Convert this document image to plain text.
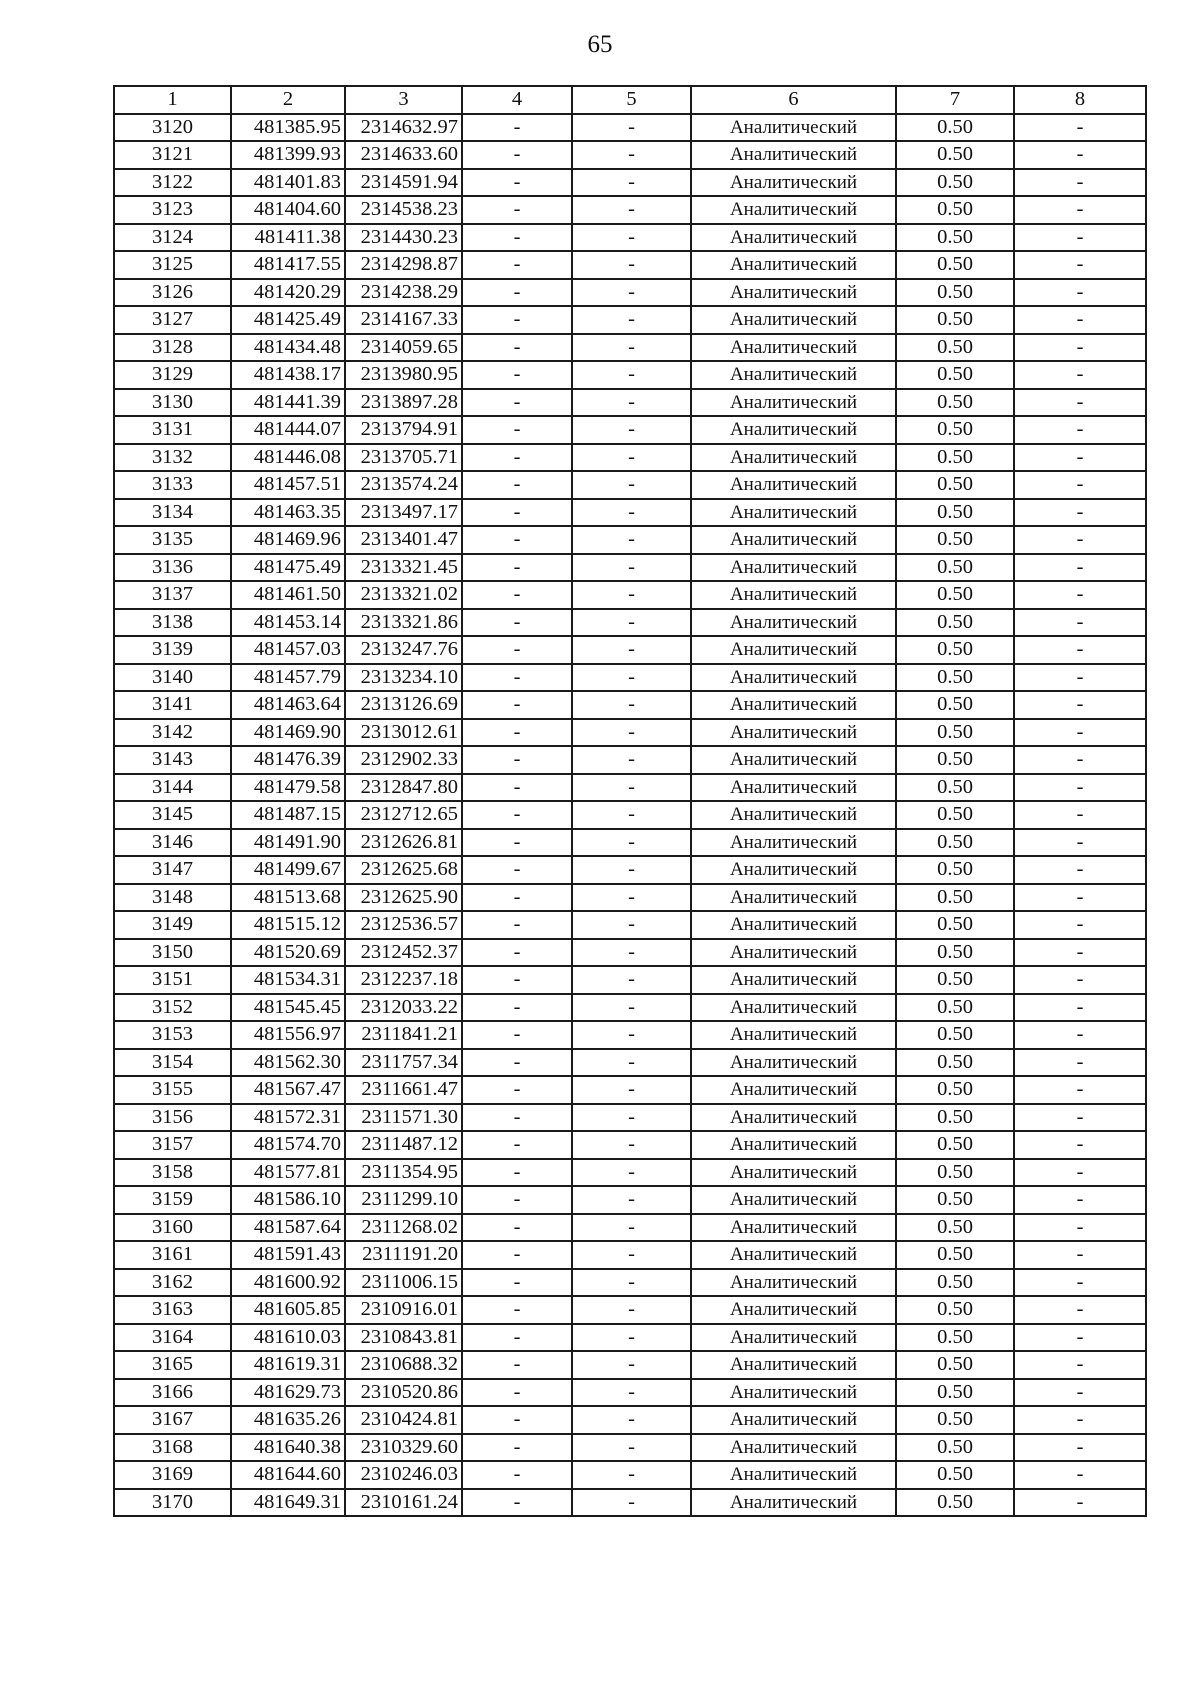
65
1	2	3	4	5	6	7	8
3120	481385.95	2314632.97	-	-	Аналитический	0.50	-
3121	481399.93	2314633.60	-	-	Аналитический	0.50	-
3122	481401.83	2314591.94	-	-	Аналитический	0.50	-
3123	481404.60	2314538.23	-	-	Аналитический	0.50	-
3124	481411.38	2314430.23	-	-	Аналитический	0.50	-
3125	481417.55	2314298.87	-	-	Аналитический	0.50	-
3126	481420.29	2314238.29	-	-	Аналитический	0.50	-
3127	481425.49	2314167.33	-	-	Аналитический	0.50	-
3128	481434.48	2314059.65	-	-	Аналитический	0.50	-
3129	481438.17	2313980.95	-	-	Аналитический	0.50	-
3130	481441.39	2313897.28	-	-	Аналитический	0.50	-
3131	481444.07	2313794.91	-	-	Аналитический	0.50	-
3132	481446.08	2313705.71	-	-	Аналитический	0.50	-
3133	481457.51	2313574.24	-	-	Аналитический	0.50	-
3134	481463.35	2313497.17	-	-	Аналитический	0.50	-
3135	481469.96	2313401.47	-	-	Аналитический	0.50	-
3136	481475.49	2313321.45	-	-	Аналитический	0.50	-
3137	481461.50	2313321.02	-	-	Аналитический	0.50	-
3138	481453.14	2313321.86	-	-	Аналитический	0.50	-
3139	481457.03	2313247.76	-	-	Аналитический	0.50	-
3140	481457.79	2313234.10	-	-	Аналитический	0.50	-
3141	481463.64	2313126.69	-	-	Аналитический	0.50	-
3142	481469.90	2313012.61	-	-	Аналитический	0.50	-
3143	481476.39	2312902.33	-	-	Аналитический	0.50	-
3144	481479.58	2312847.80	-	-	Аналитический	0.50	-
3145	481487.15	2312712.65	-	-	Аналитический	0.50	-
3146	481491.90	2312626.81	-	-	Аналитический	0.50	-
3147	481499.67	2312625.68	-	-	Аналитический	0.50	-
3148	481513.68	2312625.90	-	-	Аналитический	0.50	-
3149	481515.12	2312536.57	-	-	Аналитический	0.50	-
3150	481520.69	2312452.37	-	-	Аналитический	0.50	-
3151	481534.31	2312237.18	-	-	Аналитический	0.50	-
3152	481545.45	2312033.22	-	-	Аналитический	0.50	-
3153	481556.97	2311841.21	-	-	Аналитический	0.50	-
3154	481562.30	2311757.34	-	-	Аналитический	0.50	-
3155	481567.47	2311661.47	-	-	Аналитический	0.50	-
3156	481572.31	2311571.30	-	-	Аналитический	0.50	-
3157	481574.70	2311487.12	-	-	Аналитический	0.50	-
3158	481577.81	2311354.95	-	-	Аналитический	0.50	-
3159	481586.10	2311299.10	-	-	Аналитический	0.50	-
3160	481587.64	2311268.02	-	-	Аналитический	0.50	-
3161	481591.43	2311191.20	-	-	Аналитический	0.50	-
3162	481600.92	2311006.15	-	-	Аналитический	0.50	-
3163	481605.85	2310916.01	-	-	Аналитический	0.50	-
3164	481610.03	2310843.81	-	-	Аналитический	0.50	-
3165	481619.31	2310688.32	-	-	Аналитический	0.50	-
3166	481629.73	2310520.86	-	-	Аналитический	0.50	-
3167	481635.26	2310424.81	-	-	Аналитический	0.50	-
3168	481640.38	2310329.60	-	-	Аналитический	0.50	-
3169	481644.60	2310246.03	-	-	Аналитический	0.50	-
3170	481649.31	2310161.24	-	-	Аналитический	0.50	-
